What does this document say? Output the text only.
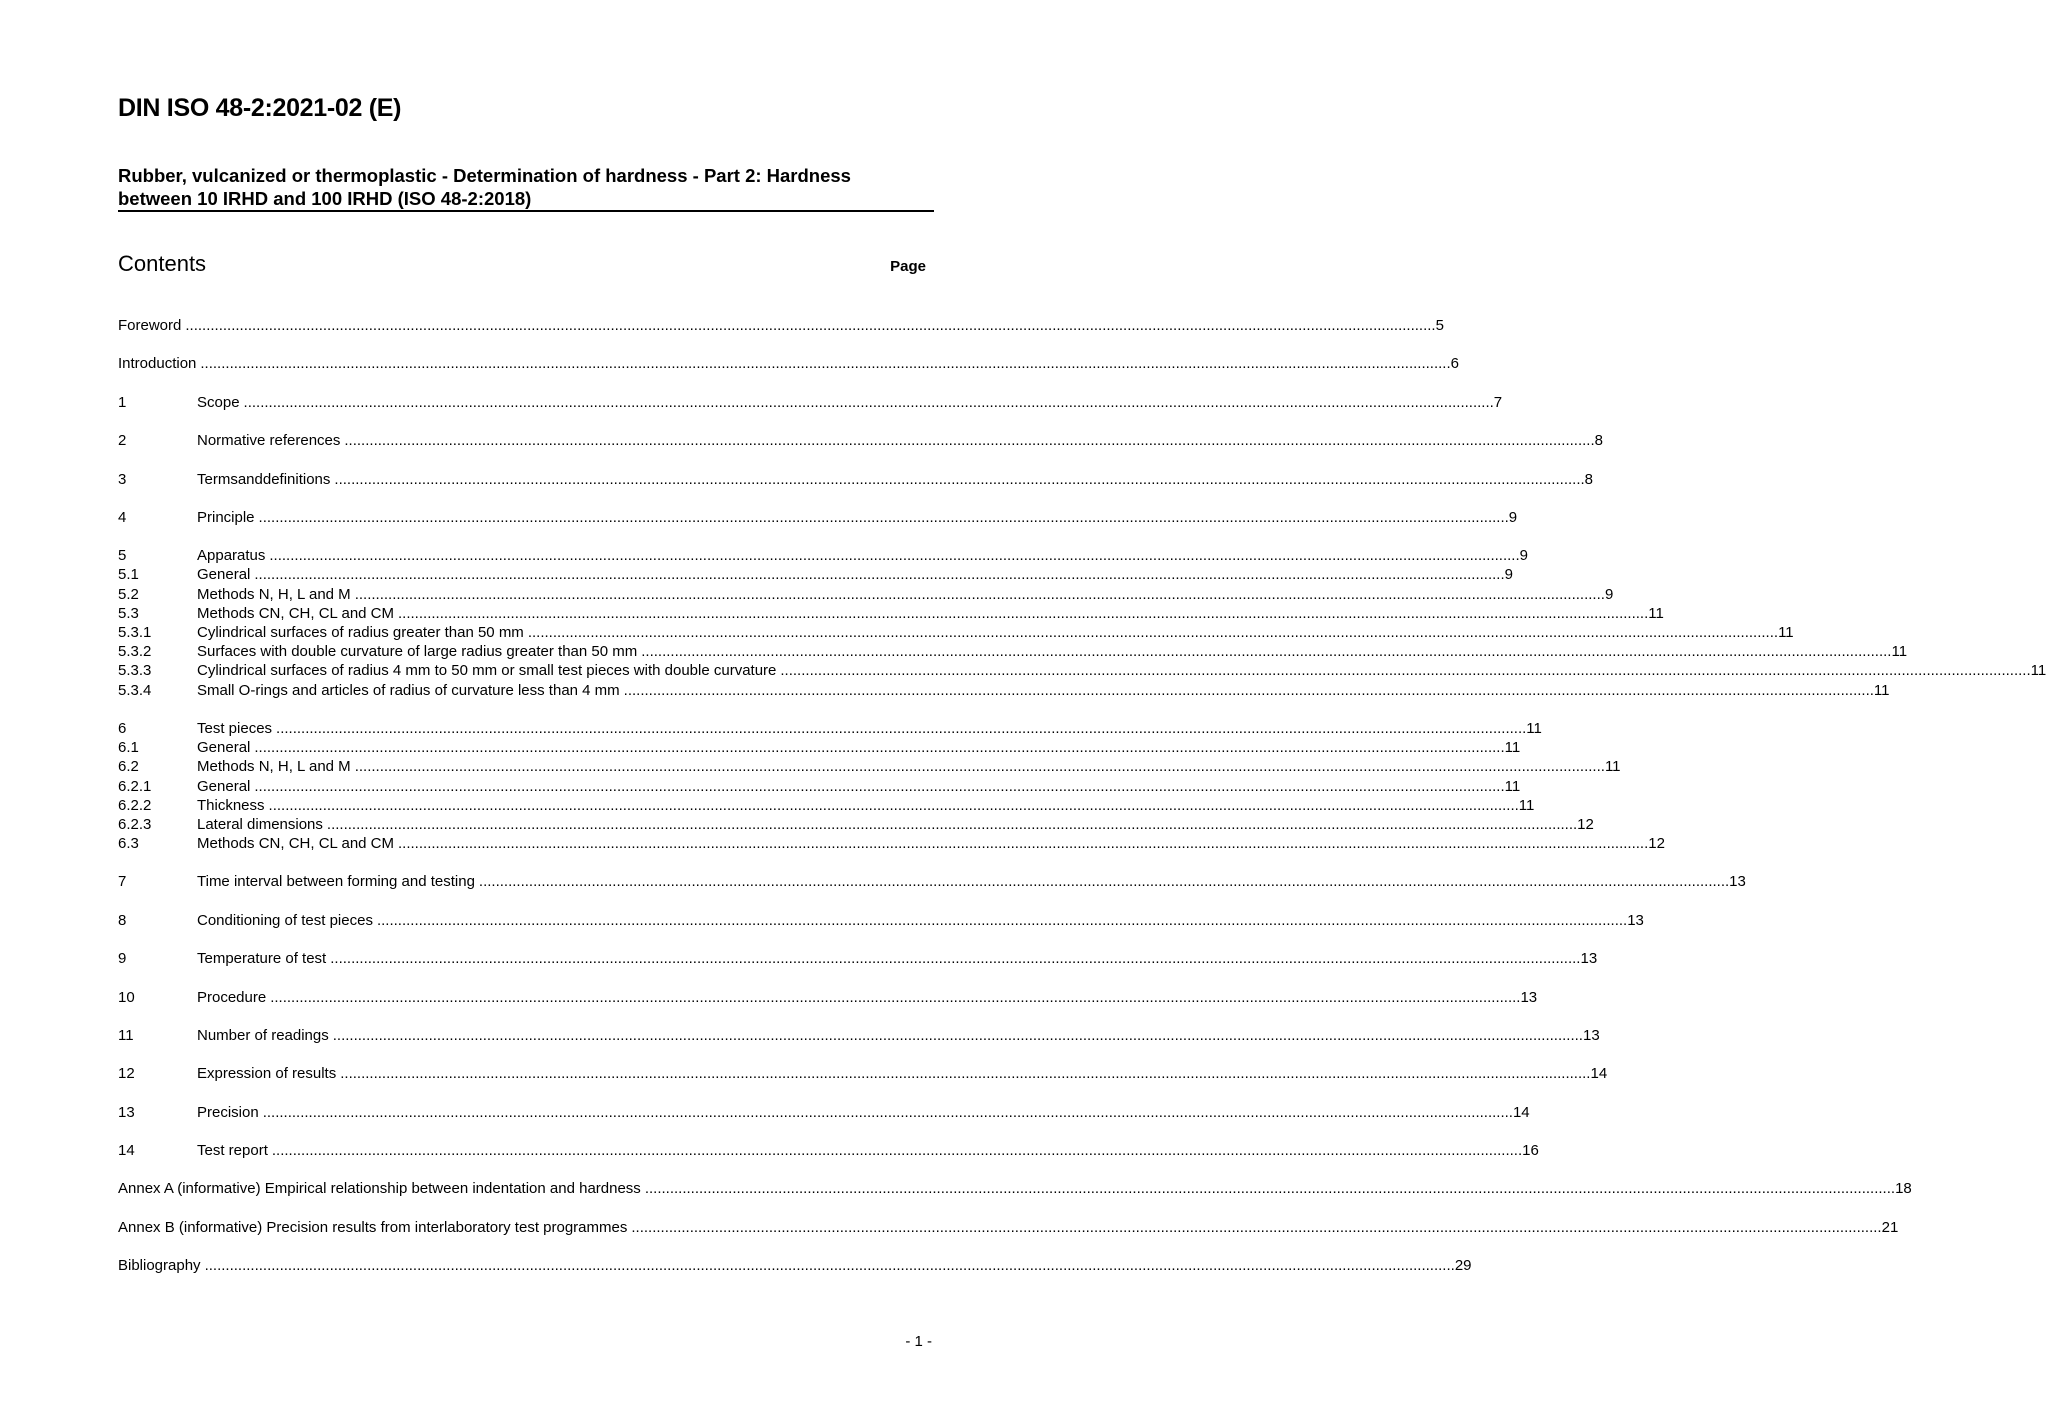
DIN ISO 48-2:2021-02 (E)
Rubber, vulcanized or thermoplastic - Determination of hardness - Part 2: Hardness between 10 IRHD and 100 IRHD (ISO 48-2:2018)
Contents	Page
Foreword ............................................................................................................................................................................................................................................................................................................ 5
Introduction ............................................................................................................................................................................................................................................................................................................ 6
1	Scope ............................................................................................................................................................................................................................................................................................................ 7
2	Normative references ............................................................................................................................................................................................................................................................................................................ 8
3	Termsanddefinitions ............................................................................................................................................................................................................................................................................................................ 8
4	Principle ............................................................................................................................................................................................................................................................................................................ 9
5	Apparatus ............................................................................................................................................................................................................................................................................................................ 9
5.1	General ............................................................................................................................................................................................................................................................................................................ 9
5.2	Methods N, H, L and M ............................................................................................................................................................................................................................................................................................................ 9
5.3	Methods CN, CH, CL and CM ............................................................................................................................................................................................................................................................................................................ 11
5.3.1	Cylindrical surfaces of radius greater than 50 mm ............................................................................................................................................................................................................................................................................................................ 11
5.3.2	Surfaces with double curvature of large radius greater than 50 mm ............................................................................................................................................................................................................................................................................................................ 11
5.3.3	Cylindrical surfaces of radius 4 mm to 50 mm or small test pieces with double curvature ............................................................................................................................................................................................................................................................................................................ 11
5.3.4	Small O-rings and articles of radius of curvature less than 4 mm ............................................................................................................................................................................................................................................................................................................ 11
6	Test pieces ............................................................................................................................................................................................................................................................................................................ 11
6.1	General ............................................................................................................................................................................................................................................................................................................ 11
6.2	Methods N, H, L and M ............................................................................................................................................................................................................................................................................................................ 11
6.2.1	General ............................................................................................................................................................................................................................................................................................................ 11
6.2.2	Thickness ............................................................................................................................................................................................................................................................................................................ 11
6.2.3	Lateral dimensions ............................................................................................................................................................................................................................................................................................................ 12
6.3	Methods CN, CH, CL and CM ............................................................................................................................................................................................................................................................................................................ 12
7	Time interval between forming and testing ............................................................................................................................................................................................................................................................................................................ 13
8	Conditioning of test pieces ............................................................................................................................................................................................................................................................................................................ 13
9	Temperature of test ............................................................................................................................................................................................................................................................................................................ 13
10	Procedure ............................................................................................................................................................................................................................................................................................................ 13
11	Number of readings ............................................................................................................................................................................................................................................................................................................ 13
12	Expression of results ............................................................................................................................................................................................................................................................................................................ 14
13	Precision ............................................................................................................................................................................................................................................................................................................ 14
14	Test report ............................................................................................................................................................................................................................................................................................................ 16
Annex A (informative) Empirical relationship between indentation and hardness ............................................................................................................................................................................................................................................................................................................ 18
Annex B (informative) Precision results from interlaboratory test programmes ............................................................................................................................................................................................................................................................................................................ 21
Bibliography ............................................................................................................................................................................................................................................................................................................ 29
- 1 -
